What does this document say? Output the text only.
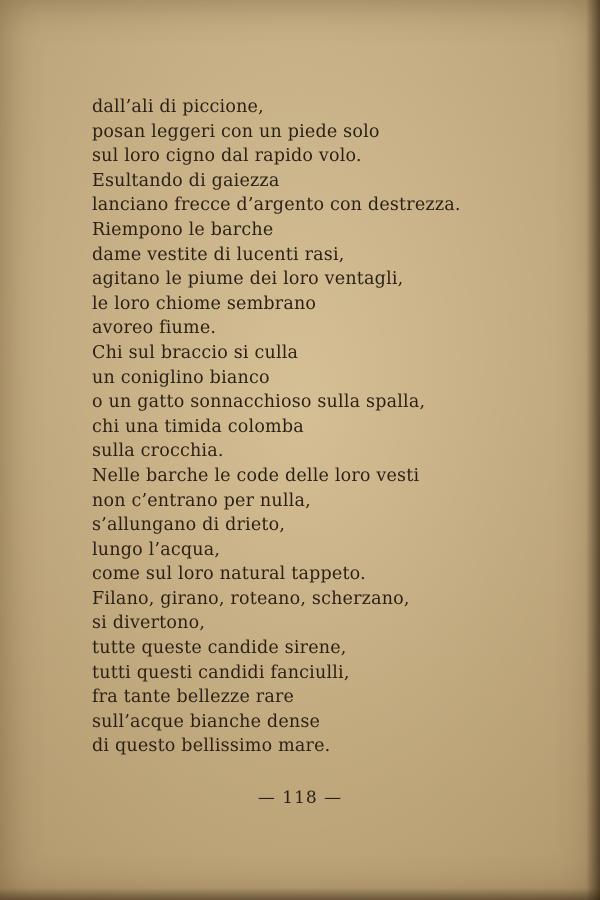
dall’ali di piccione,
posan leggeri con un piede solo
sul loro cigno dal rapido volo.
Esultando di gaiezza
lanciano frecce d’argento con destrezza.
Riempono le barche
dame vestite di lucenti rasi,
agitano le piume dei loro ventagli,
le loro chiome sembrano
avoreo fiume.
Chi sul braccio si culla
un coniglino bianco
o un gatto sonnacchioso sulla spalla,
chi una timida colomba
sulla crocchia.
Nelle barche le code delle loro vesti
non c’entrano per nulla,
s’allungano di drieto,
lungo l’acqua,
come sul loro natural tappeto.
Filano, girano, roteano, scherzano,
si divertono,
tutte queste candide sirene,
tutti questi candidi fanciulli,
fra tante bellezze rare
sull’acque bianche dense
di questo bellissimo mare.
— 118 —
